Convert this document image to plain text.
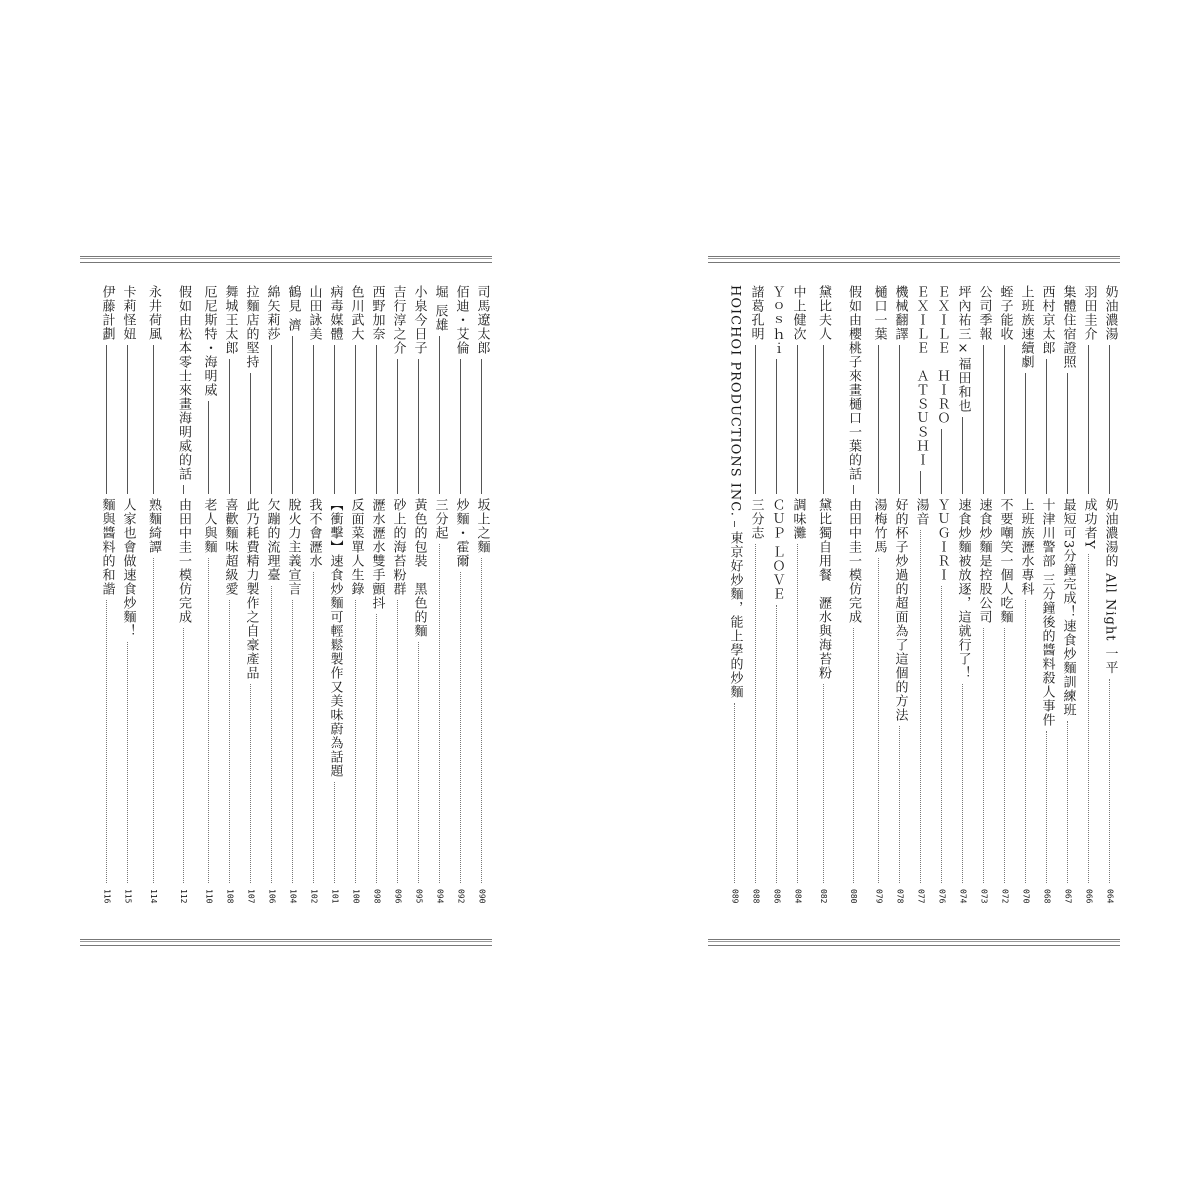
奶油濃湯
奶油濃湯的 All Night 一平
064
羽田圭介
成功者Y
066
集體住宿證照
最短可3分鐘完成！速食炒麵訓練班
067
西村京太郎
十津川警部 三分鐘後的醬料殺人事件
068
上班族速續劇
上班族瀝水專科
070
蛭子能收
不要嘲笑一個人吃麵
072
公司季報
速食炒麵是控股公司
073
坪內祐三×福田和也
速食炒麵被放逐，這就行了！
074
ＥＸＩＬＥ　ＨＩＲＯ
ＹＵＧＩＲＩ
076
ＥＸＩＬＥ　ＡＴＳＵＳＨＩ
湯音
077
機械翻譯
好的杯子炒過的超面為了這個的方法
078
樋口一葉
湯梅竹馬
079
假如由櫻桃子來畫樋口一葉的話
由田中圭一模仿完成
080
黛比夫人
黛比獨自用餐　瀝水與海苔粉
082
中上健次
調味灘
084
Ｙｏｓｈｉ
ＣＵＰ ＬＯＶＥ
086
諸葛孔明
三分志
088
HOICHOI PRODUCTIONS INC.
東京好炒麵，能上學的炒麵
089
司馬遼太郎
坂上之麵
090
佰迪・艾倫
炒麵・霍爾
092
堀 辰雄
三分起
094
小泉今日子
黃色的包裝　黑色的麵
095
吉行淳之介
砂上的海苔粉群
096
西野加奈
瀝水瀝水雙手顫抖
098
色川武大
反面菜單人生錄
100
病毒媒體
【衝擊】速食炒麵可輕鬆製作又美味蔚為話題
101
山田詠美
我不會瀝水
102
鶴見 濟
脫火力主義宣言
104
綿矢莉莎
欠蹦的流理臺
106
拉麵店的堅持
此乃耗費精力製作之自豪產品
107
舞城王太郎
喜歡麵味超級愛
108
厄尼斯特・海明威
老人與麵
110
假如由松本零士來畫海明威的話
由田中圭一模仿完成
112
永井荷風
熟麵綺譚
114
卡莉怪妞
人家也會做速食炒麵！
115
伊藤計劃
麵與醬料的和諧
116
